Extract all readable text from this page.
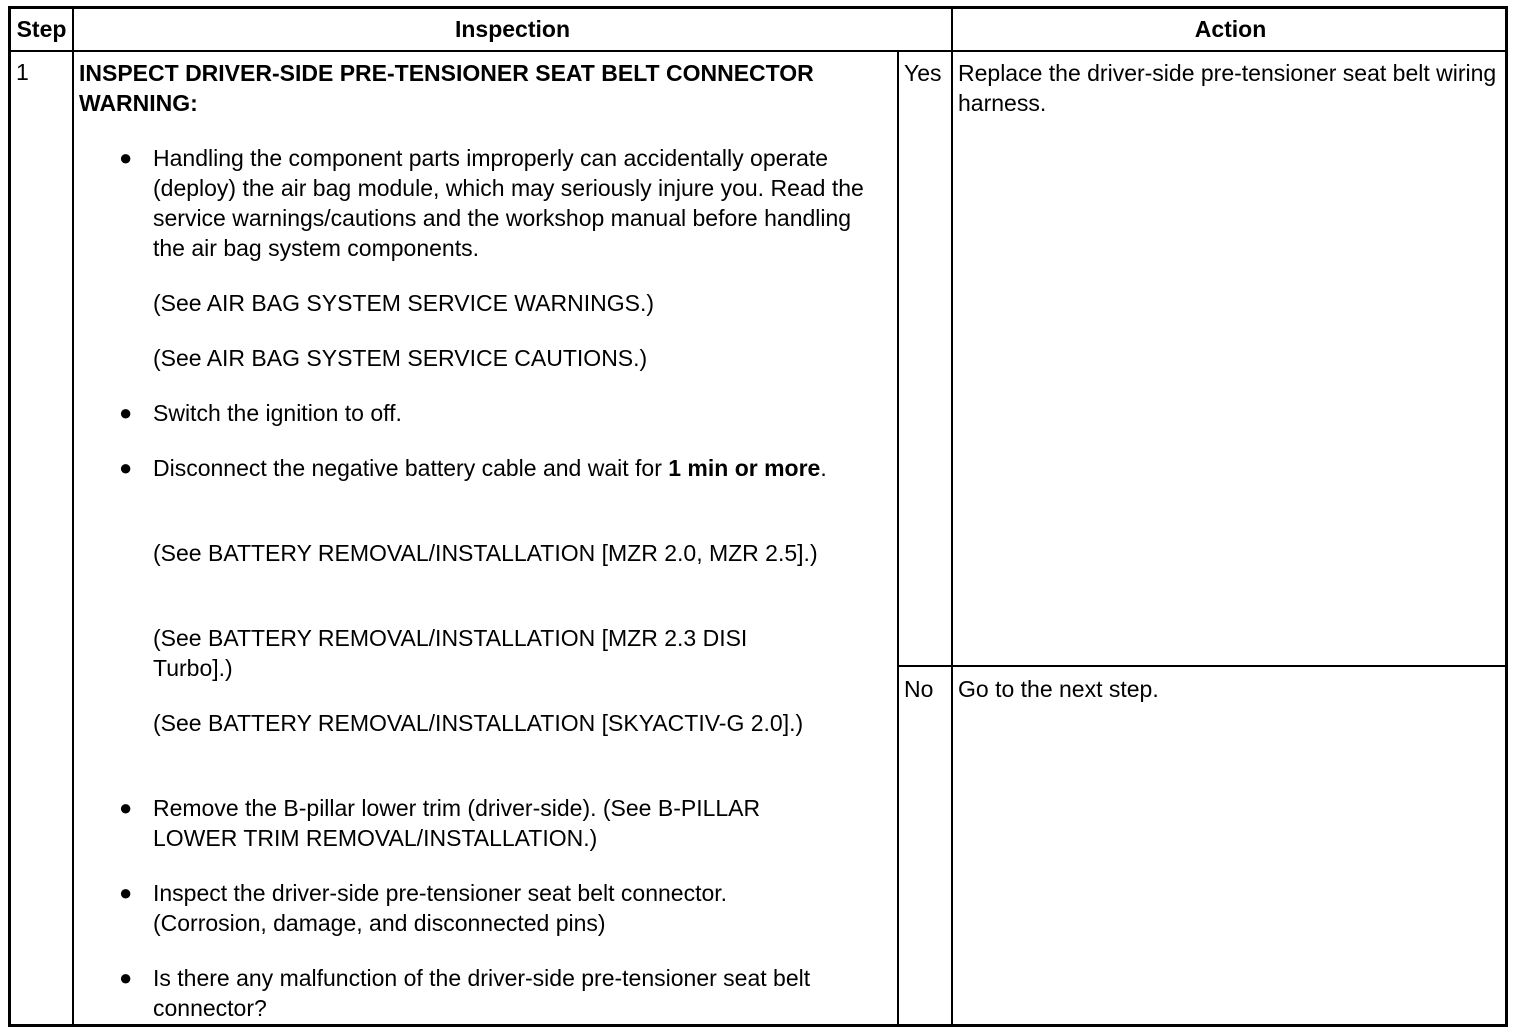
Step	Inspection	Action
1 INSPECT DRIVER-SIDE PRE-TENSIONER SEAT BELT CONNECTOR
WARNING:
● Handling the component parts improperly can accidentally operate (deploy) the air bag module, which may seriously injure you. Read the service warnings/cautions and the workshop manual before handling the air bag system components.
(See AIR BAG SYSTEM SERVICE WARNINGS.)
(See AIR BAG SYSTEM SERVICE CAUTIONS.)
● Switch the ignition to off.
● Disconnect the negative battery cable and wait for 1 min or more.
(See BATTERY REMOVAL/INSTALLATION [MZR 2.0, MZR 2.5].)
(See BATTERY REMOVAL/INSTALLATION [MZR 2.3 DISI Turbo].)
(See BATTERY REMOVAL/INSTALLATION [SKYACTIV-G 2.0].)
● Remove the B-pillar lower trim (driver-side). (See B-PILLAR LOWER TRIM REMOVAL/INSTALLATION.)
● Inspect the driver-side pre-tensioner seat belt connector. (Corrosion, damage, and disconnected pins)
● Is there any malfunction of the driver-side pre-tensioner seat belt connector?
Yes Replace the driver-side pre-tensioner seat belt wiring harness.
No Go to the next step.
